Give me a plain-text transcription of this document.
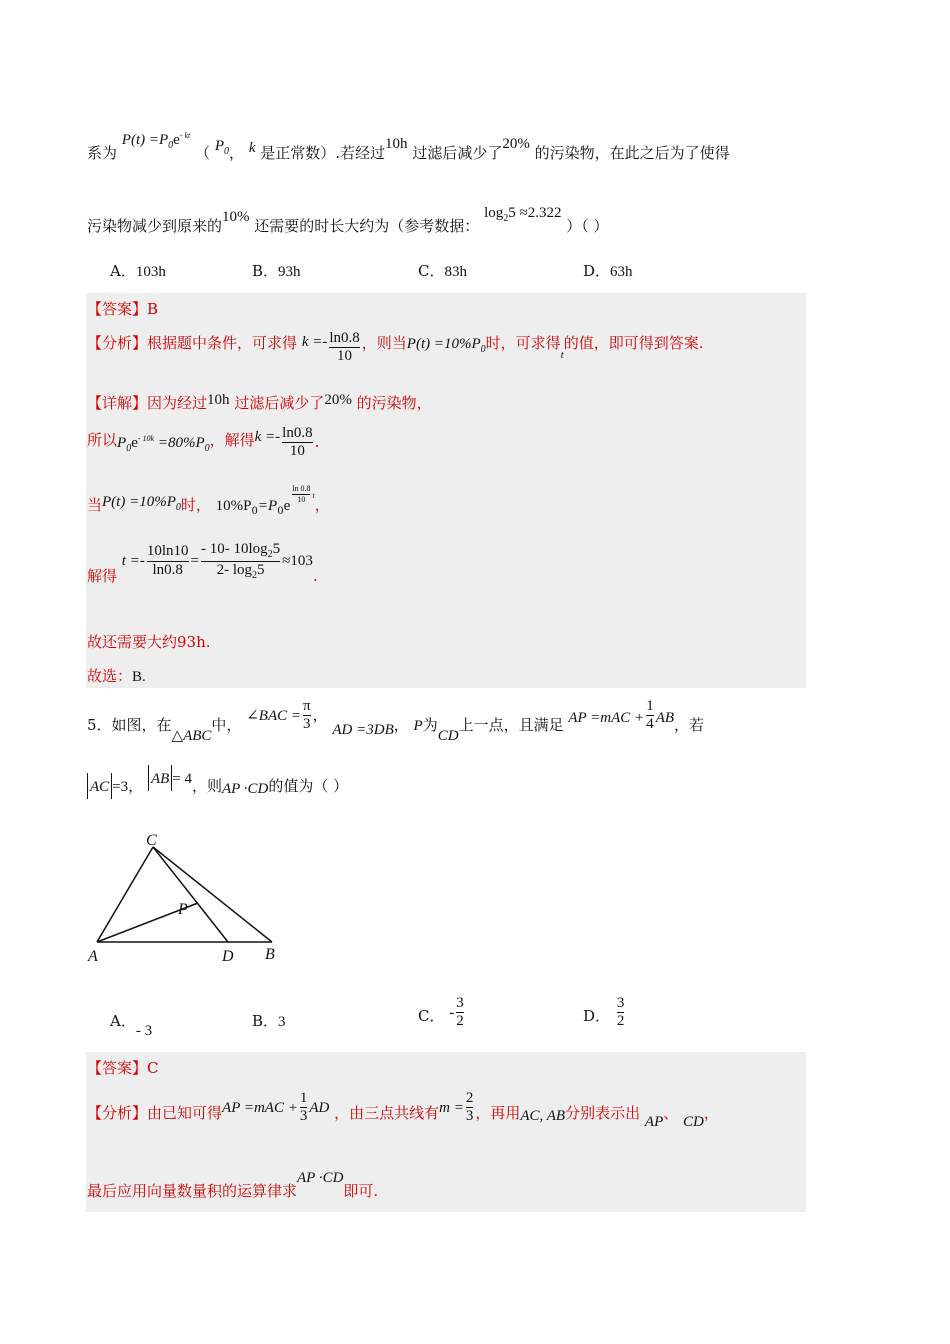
系为 $P(t) =P_0e^{- kt}$ （ $P_0$， k 是正常数）.若经过10h 过滤后减少了20% 的污染物，在此之后为了使得
污染物减少到原来的10% 还需要的时长大约为（参考数据： $\log_25 \approx 2.322$ ）（ ）
A．103h	B．93h	C．83h	D．63h
【答案】B
【分析】根据题中条件，可求得 $k =- \frac{\ln 0.8}{10}$ ，则当$P(t) =10\%P_0$时，可求得$_t$的值，即可得到答案.
【详解】因为经过10h 过滤后减少了20% 的污染物，
所以$P_0e^{- 10k} =80\%P_0$，解得$k =- \frac{\ln 0.8}{10}$ .
当$P(t) =10\%P_0$时， $10\%P_0=P_0e$
$\frac{\ln 0.8}{10} ^t$，
解得 $t =- \frac{10\ln 10}{\ln 0.8} = \frac{- 10- 10\log_25}{2- \log_25} \approx 103$.
故还需要大约93h.
故选：B.
5．如图，在△ABC中， ∠BAC = $\frac{\pi}{3}$ ， AD =3DB， P为CD上一点，且满足 AP $=mAC + \frac{1}{4}$ AB，若
AC =3， AB = 4，则AP ·CD的值为（ ）
C
P
A	D B
A．- 3
B．3	C． - $\frac{3}{2}$	D． $\frac{3}{2}$
【答案】C
【分析】由已知可得AP $=mAC + \frac{1}{3}$ AD ，由三点共线有$m = \frac{2}{3}$ ，再用AC, AB分别表示出 AP、 CD，
最后应用向量数量积的运算律求AP ·CD即可.
